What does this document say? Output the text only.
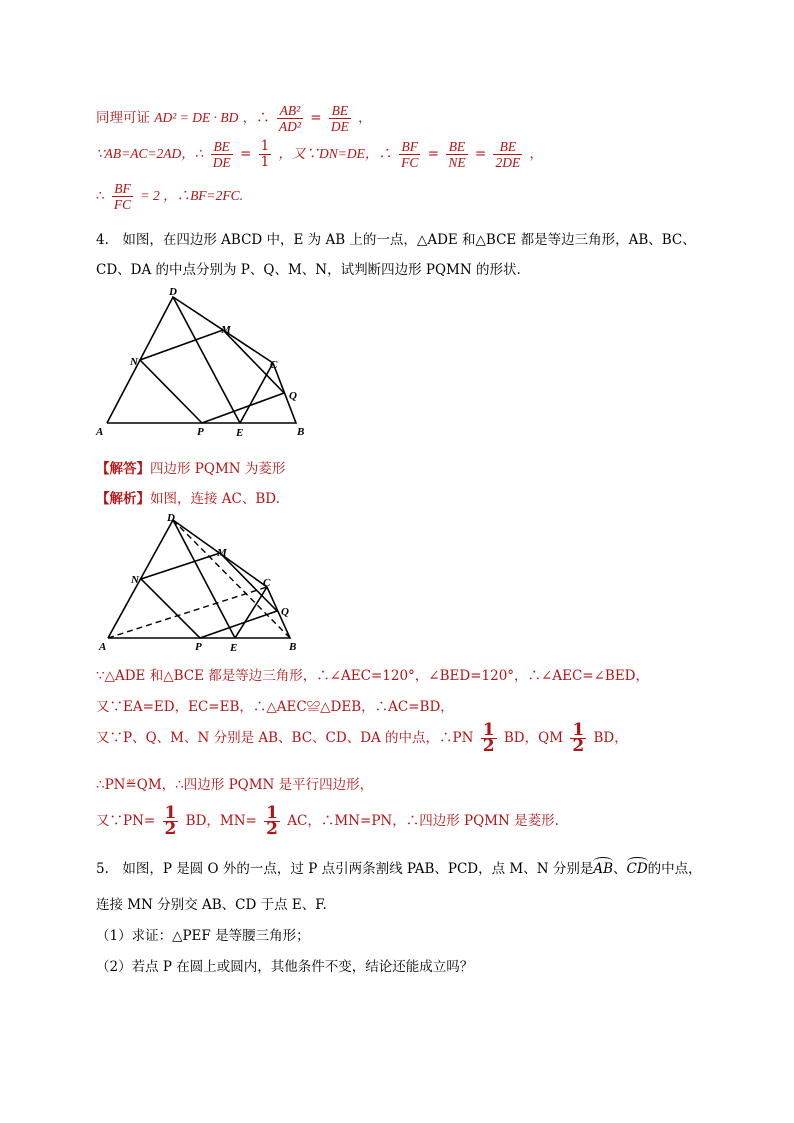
同理可证 AD² = DE · BD ，∴ $\frac{\text{AB²}}{\text{AD²}} = \frac{BE}{DE}$ ，
∵AB=AC=2AD，∴ $\frac{BE}{DE} = \frac{1}{1}$ ，又∵DN=DE，∴ $\frac{BF}{FC} = \frac{BE}{NE} = \frac{BE}{2DE}$ ，
∴ $\frac{BF}{FC} = 2$ ，∴BF=2FC.
4.　如图，在四边形 ABCD 中，E 为 AB 上的一点，△ADE 和△BCE 都是等边三角形，AB、BC、
CD、DA 的中点分别为 P、Q、M、N，试判断四边形 PQMN 的形状.
A
D
M
N	C
Q
P	E	B
【解答】四边形 PQMN 为菱形
【解析】如图，连接 AC、BD.
A
D
M
N	C
Q
P	E	B
∵△ADE 和△BCE 都是等边三角形，∴∠AEC=120°，∠BED=120°，∴∠AEC=∠BED，
又∵EA=ED，EC=EB，∴△AEC≌△DEB，∴AC=BD，
又∵P、Q、M、N 分别是 AB、BC、CD、DA 的中点，∴PN $\frac{1}{2}$ BD，QM $\frac{1}{2}$ BD，
∴PN≝QM，∴四边形 PQMN 是平行四边形，
又∵PN= $\frac{1}{2}$ BD，$MN= \frac{1}{2}$ AC，∴MN=PN，∴四边形 PQMN 是菱形.
5.　如图，P 是圆 O 外的一点，过 P 点引两条割线 PAB、PCD，点 M、N 分别是AB、CD的中点，
连接 MN 分别交 AB、CD 于点 E、F.
（1）求证：△PEF 是等腰三角形；
（2）若点 P 在圆上或圆内，其他条件不变，结论还能成立吗？
